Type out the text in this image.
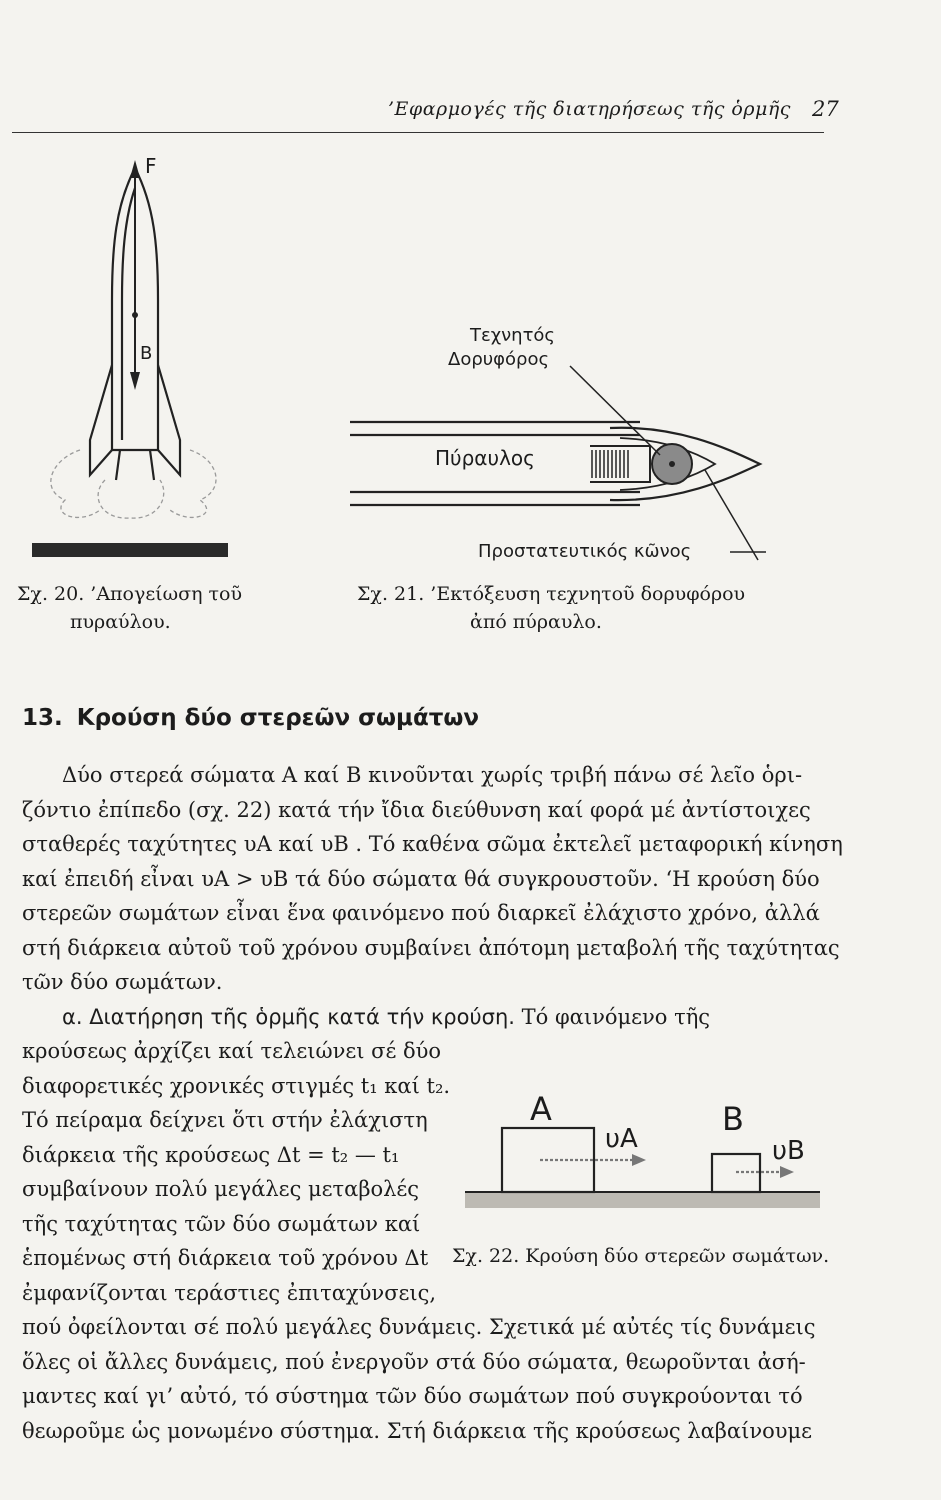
’Εφαρμογές τῆς διατηρήσεως τῆς ὁρμῆς	27
F
B
Σχ. 20. ’Απογείωση τοῦ
πυραύλου.
Τεχνητός
Δορυφόρος
Πύραυλος
Προστατευτικός κῶνος
Σχ. 21. ’Εκτόξευση τεχνητοῦ δορυφόρου
ἀπό πύραυλο.
13. Κρούση δύο στερεῶν σωμάτων

Δύο στερεά σώματα Α καί Β κινοῦνται χωρίς τριβή πάνω σέ λεῖο ὁρι-

ζόντιο ἐπίπεδο (σχ. 22) κατά τήν ἴδια διεύθυνση καί φορά μέ ἀντίστοιχες

σταθερές ταχύτητες υA καί υB . Τό καθένα σῶμα ἐκτελεῖ μεταφορική κίνηση

καί ἐπειδή εἶναι υA > υB τά δύο σώματα θά συγκρουστοῦν. ‘Η κρούση δύο

στερεῶν σωμάτων εἶναι ἕνα φαινόμενο πού διαρκεῖ ἐλάχιστο χρόνο, ἀλλά

στή διάρκεια αὐτοῦ τοῦ χρόνου συμβαίνει ἀπότομη μεταβολή τῆς ταχύτητας

τῶν δύο σωμάτων.

α. Διατήρηση τῆς ὁρμῆς κατά τήν κρούση. Τό φαινόμενο τῆς

κρούσεως ἀρχίζει καί τελειώνει σέ δύο

διαφορετικές χρονικές στιγμές t₁ καί t₂.

Τό πείραμα δείχνει ὅτι στήν ἐλάχιστη

διάρκεια τῆς κρούσεως Δt = t₂ — t₁

συμβαίνουν πολύ μεγάλες μεταβολές

τῆς ταχύτητας τῶν δύο σωμάτων καί

ἑπομένως στή διάρκεια τοῦ χρόνου Δt

ἐμφανίζονται τεράστιες ἐπιταχύνσεις,

A	B
υA	υB
Σχ. 22. Κρούση δύο στερεῶν σωμάτων.

πού ὀφείλονται σέ πολύ μεγάλες δυνάμεις. Σχετικά μέ αὐτές τίς δυνάμεις

ὅλες οἱ ἄλλες δυνάμεις, πού ἐνεργοῦν στά δύο σώματα, θεωροῦνται ἀσή-

μαντες καί γι’ αὐτό, τό σύστημα τῶν δύο σωμάτων πού συγκρούονται τό

θεωροῦμε ὡς μονωμένο σύστημα. Στή διάρκεια τῆς κρούσεως λαβαίνουμε
